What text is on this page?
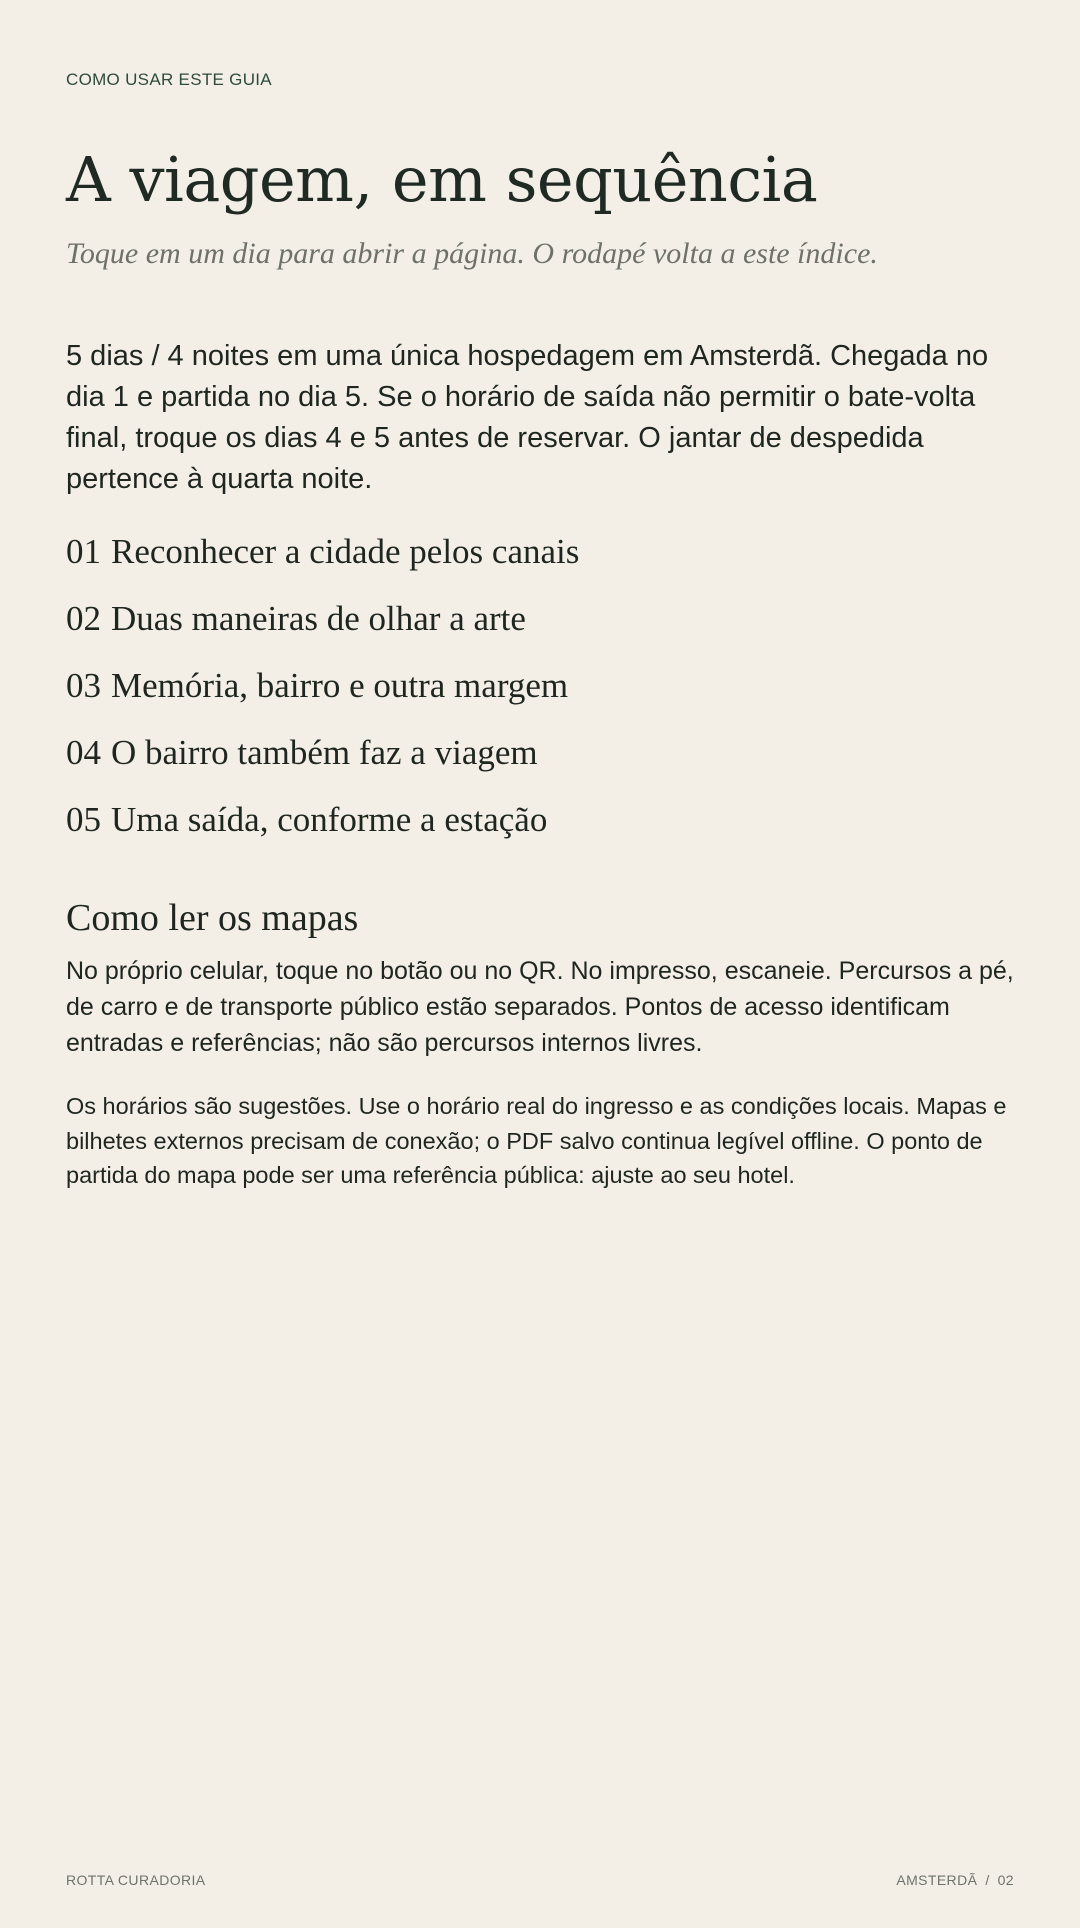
COMO USAR ESTE GUIA
A viagem, em sequência
Toque em um dia para abrir a página. O rodapé volta a este índice.

5 dias / 4 noites em uma única hospedagem em Amsterdã. Chegada no dia 1 e partida no dia 5. Se o horário de saída não permitir o bate-volta final, troque os dias 4 e 5 antes de reservar. O jantar de despedida pertence à quarta noite.

01 Reconhecer a cidade pelos canais
02 Duas maneiras de olhar a arte
03 Memória, bairro e outra margem
04 O bairro também faz a viagem
05 Uma saída, conforme a estação
Como ler os mapas

No próprio celular, toque no botão ou no QR. No impresso, escaneie. Percursos a pé, de carro e de transporte público estão separados. Pontos de acesso identificam entradas e referências; não são percursos internos livres.

Os horários são sugestões. Use o horário real do ingresso e as condições locais. Mapas e bilhetes externos precisam de conexão; o PDF salvo continua legível offline. O ponto de partida do mapa pode ser uma referência pública: ajuste ao seu hotel.

ROTTA CURADORIA	AMSTERDÃ / 02
